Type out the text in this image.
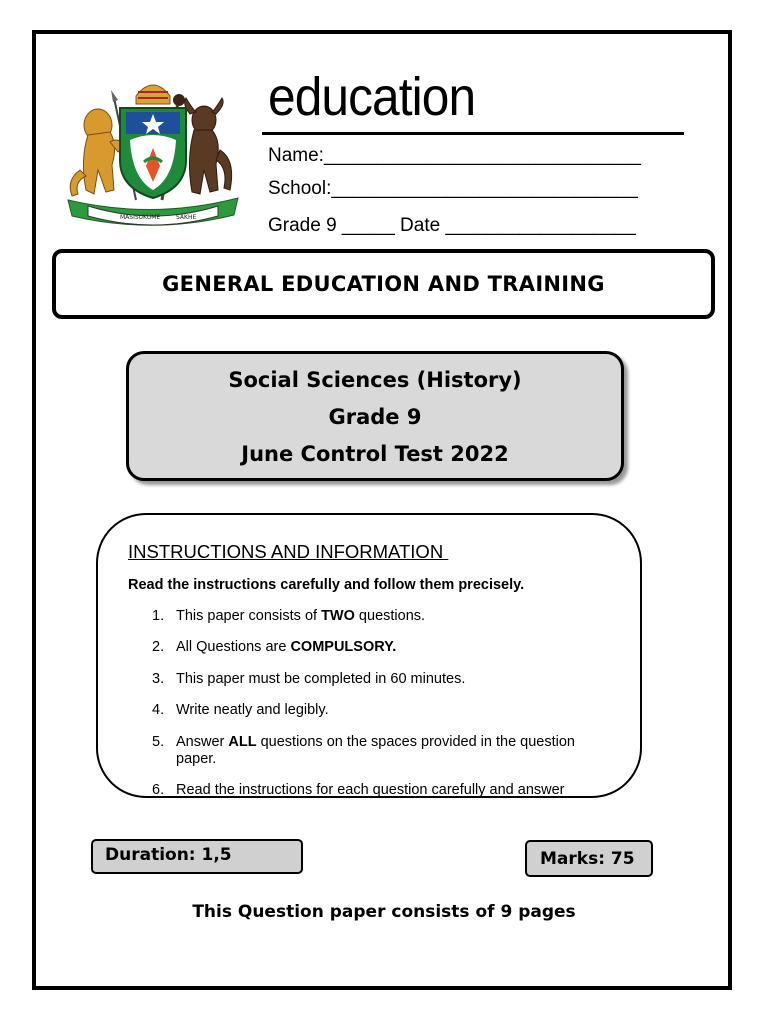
MASISUKUME	SAKHE
education
Name:______________________________
School:_____________________________
Grade 9 _____ Date __________________
GENERAL EDUCATION AND TRAINING
Social Sciences (History)
Grade 9
June Control Test 2022
INSTRUCTIONS AND INFORMATION
Read the instructions carefully and follow them precisely.
1. This paper consists of TWO questions.
2. All Questions are COMPULSORY.
3. This paper must be completed in 60 minutes.
4. Write neatly and legibly.
5. Answer ALL questions on the spaces provided in the question paper.
6. Read the instructions for each question carefully and answer
Duration: 1,5	Marks: 75
This Question paper consists of 9 pages
